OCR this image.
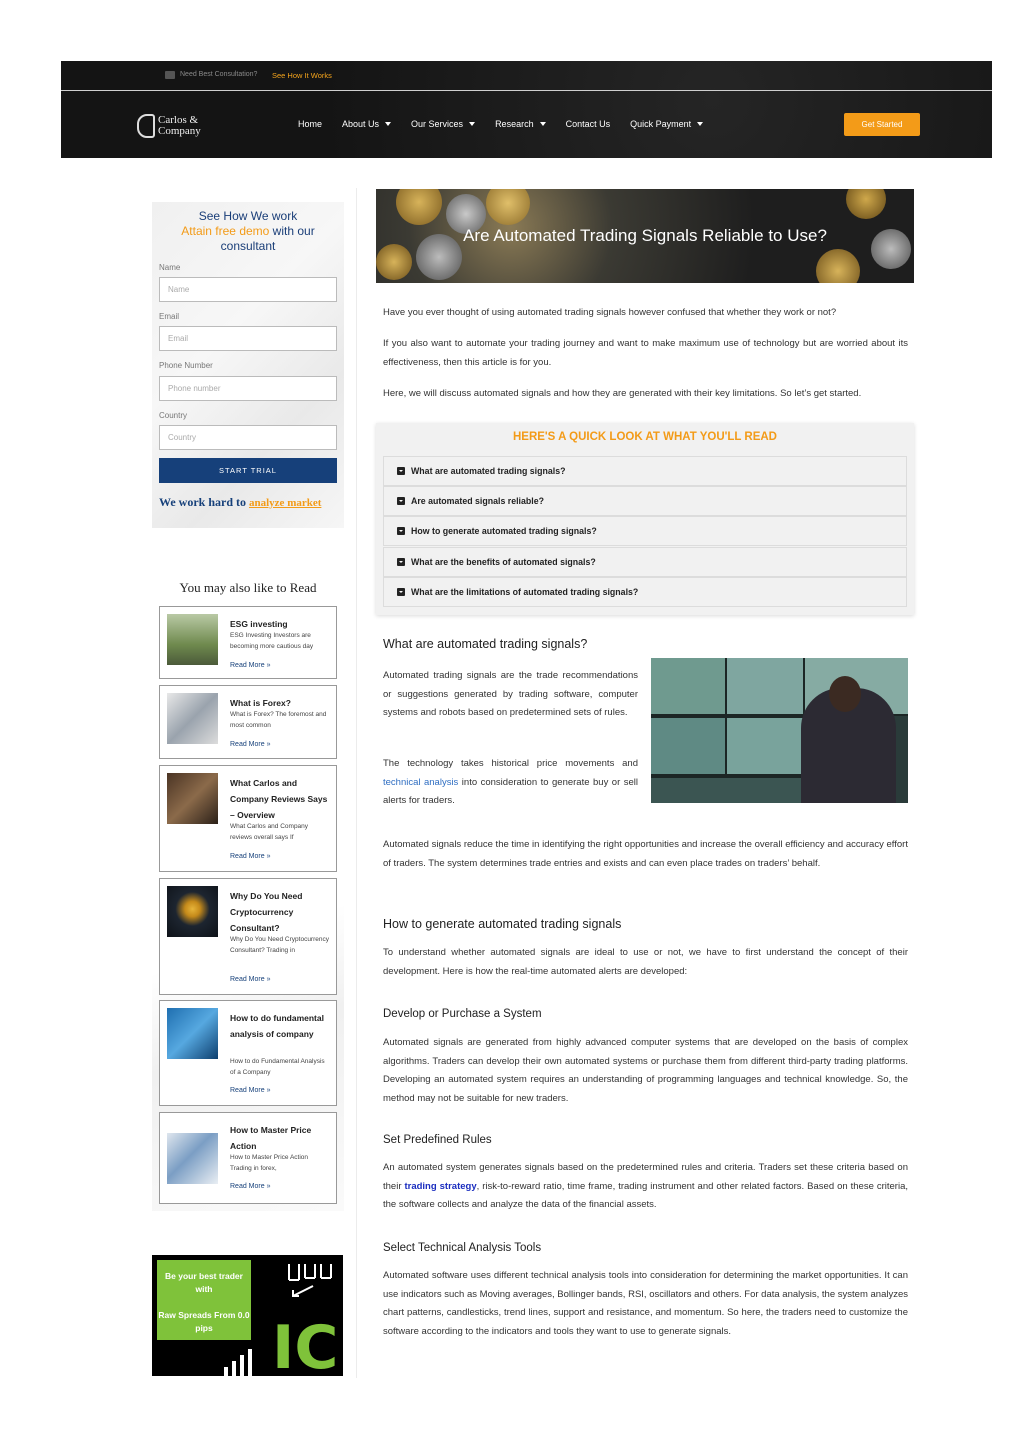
Need Best Consultation? See How It Works
Carlos &
Company
Home About Us	Our Services	Research	Contact Us Quick Payment	Get Started
See How We work
Attain free demo with our consultant
Name
Name
Email
Email
Phone Number
Phone number
Country
Country
START TRIAL
We work hard to analyze market
You may also like to Read
ESG investing
ESG Investing Investors are becoming more cautious day
Read More »
What is Forex?
What is Forex? The foremost and most common
Read More »
What Carlos and Company Reviews Says – Overview
What Carlos and Company reviews overall says If
Read More »
Why Do You Need Cryptocurrency Consultant?
Why Do You Need Cryptocurrency Consultant? Trading in
Read More »
How to do fundamental analysis of company
How to do Fundamental Analysis of a Company
Read More »
How to Master Price Action
How to Master Price Action Trading in forex,
Read More »
Be your best trader with

Raw Spreads From 0.0 pips IC
Are Automated Trading Signals Reliable to Use?
Have you ever thought of using automated trading signals however confused that whether they work or not?
If you also want to automate your trading journey and want to make maximum use of technology but are worried about its effectiveness, then this article is for you.
Here, we will discuss automated signals and how they are generated with their key limitations. So let’s get started.
HERE'S A QUICK LOOK AT WHAT YOU'LL READ
What are automated trading signals?
Are automated signals reliable?
How to generate automated trading signals?
What are the benefits of automated signals?
What are the limitations of automated trading signals?
What are automated trading signals?
Automated trading signals are the trade recommendations or suggestions generated by trading software, computer systems and robots based on predetermined sets of rules.
The technology takes historical price movements and technical analysis into consideration to generate buy or sell alerts for traders.
Automated signals reduce the time in identifying the right opportunities and increase the overall efficiency and accuracy effort of traders. The system determines trade entries and exists and can even place trades on traders’ behalf.
How to generate automated trading signals
To understand whether automated signals are ideal to use or not, we have to first understand the concept of their development. Here is how the real-time automated alerts are developed:
Develop or Purchase a System
Automated signals are generated from highly advanced computer systems that are developed on the basis of complex algorithms. Traders can develop their own automated systems or purchase them from different third-party trading platforms. Developing an automated system requires an understanding of programming languages and technical knowledge. So, the method may not be suitable for new traders.
Set Predefined Rules
An automated system generates signals based on the predetermined rules and criteria. Traders set these criteria based on their trading strategy, risk-to-reward ratio, time frame, trading instrument and other related factors. Based on these criteria, the software collects and analyze the data of the financial assets.
Select Technical Analysis Tools
Automated software uses different technical analysis tools into consideration for determining the market opportunities. It can use indicators such as Moving averages, Bollinger bands, RSI, oscillators and others. For data analysis, the system analyzes chart patterns, candlesticks, trend lines, support and resistance, and momentum. So here, the traders need to customize the software according to the indicators and tools they want to use to generate signals.
